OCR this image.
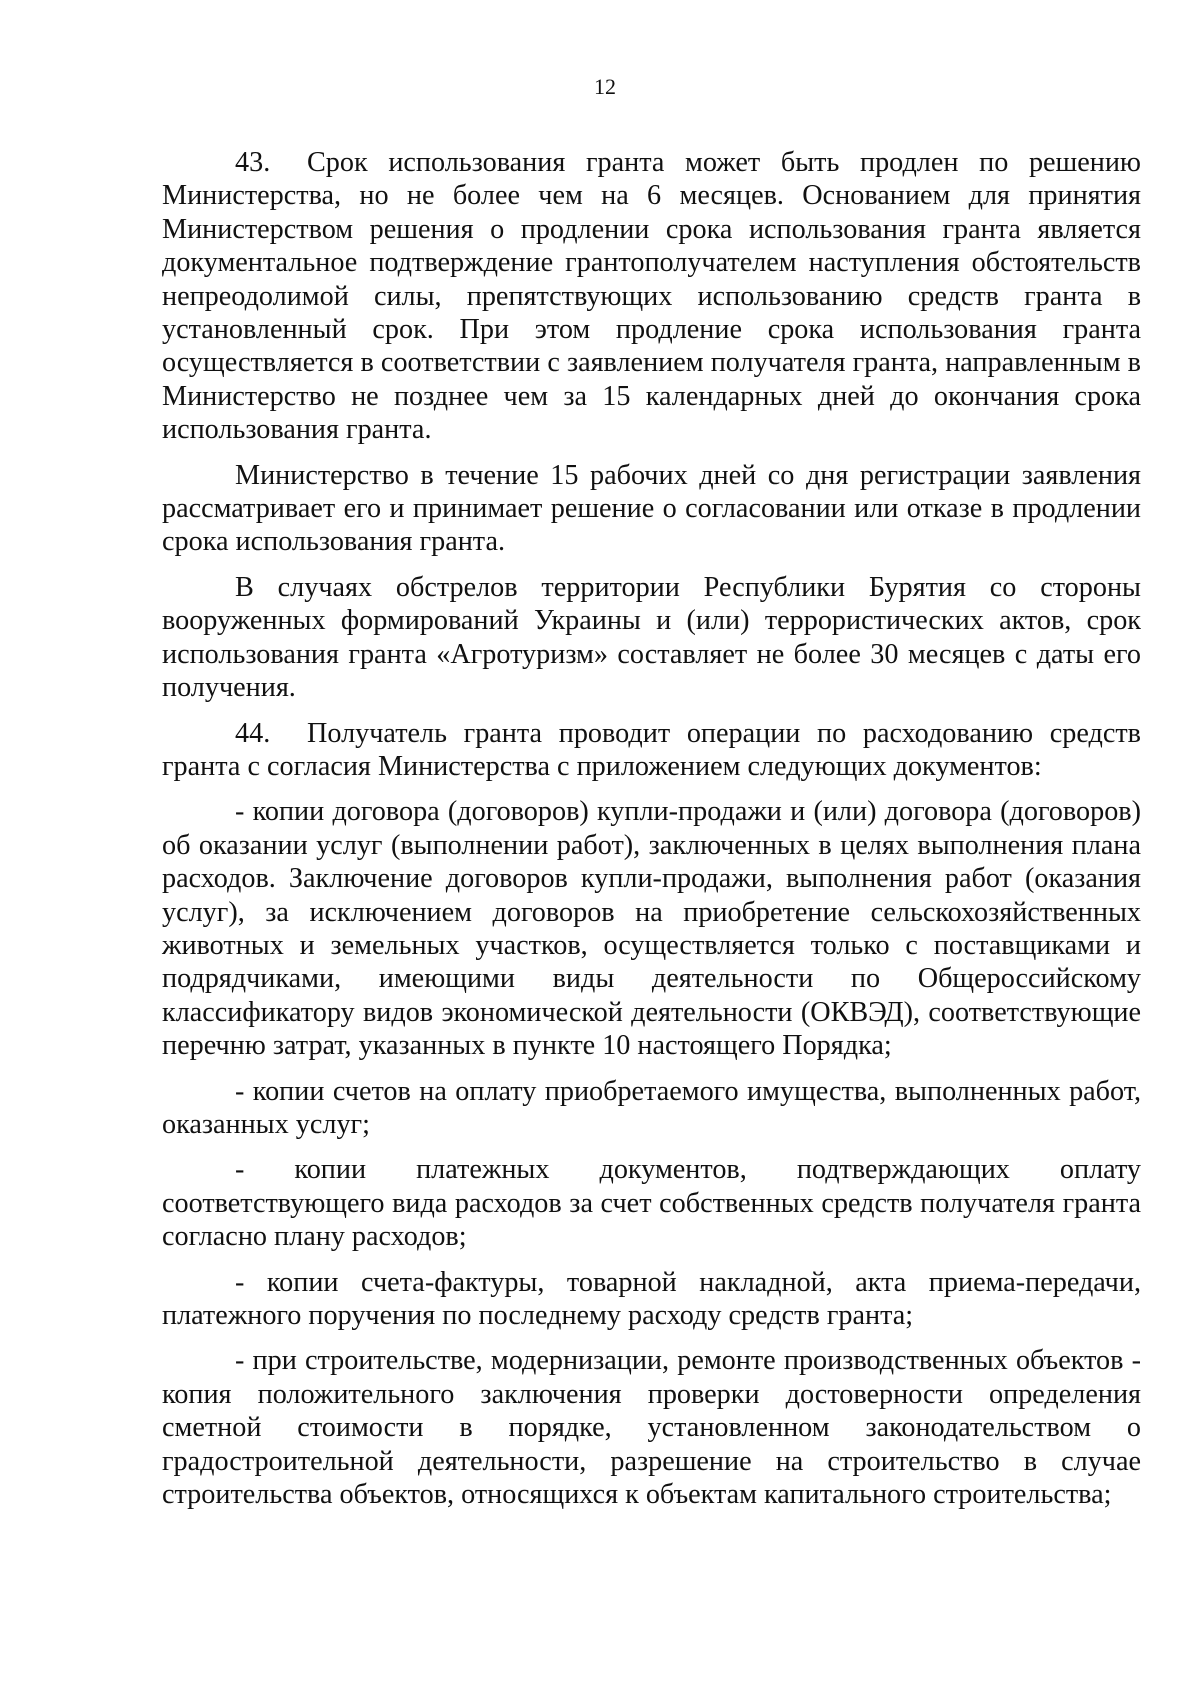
12

43. Срок использования гранта может быть продлен по решению Министерства, но не более чем на 6 месяцев. Основанием для принятия Министерством решения о продлении срока использования гранта является документальное подтверждение грантополучателем наступления обстоятельств непреодолимой силы, препятствующих использованию средств гранта в установленный срок. При этом продление срока использования гранта осуществляется в соответствии с заявлением получателя гранта, направленным в Министерство не позднее чем за 15 календарных дней до окончания срока использования гранта.

Министерство в течение 15 рабочих дней со дня регистрации заявления рассматривает его и принимает решение о согласовании или отказе в продлении срока использования гранта.

В случаях обстрелов территории Республики Бурятия со стороны вооруженных формирований Украины и (или) террористических актов, срок использования гранта «Агротуризм» составляет не более 30 месяцев с даты его получения.

44. Получатель гранта проводит операции по расходованию средств гранта с согласия Министерства с приложением следующих документов:

- копии договора (договоров) купли-продажи и (или) договора (договоров) об оказании услуг (выполнении работ), заключенных в целях выполнения плана расходов. Заключение договоров купли-продажи, выполнения работ (оказания услуг), за исключением договоров на приобретение сельскохозяйственных животных и земельных участков, осуществляется только с поставщиками и подрядчиками, имеющими виды деятельности по Общероссийскому классификатору видов экономической деятельности (ОКВЭД), соответствующие перечню затрат, указанных в пункте 10 настоящего Порядка;

- копии счетов на оплату приобретаемого имущества, выполненных работ, оказанных услуг;

- копии платежных документов, подтверждающих оплату соответствующего вида расходов за счет собственных средств получателя гранта согласно плану расходов;

- копии счета-фактуры, товарной накладной, акта приема-передачи, платежного поручения по последнему расходу средств гранта;

- при строительстве, модернизации, ремонте производственных объектов - копия положительного заключения проверки достоверности определения сметной стоимости в порядке, установленном законодательством о градостроительной деятельности, разрешение на строительство в случае строительства объектов, относящихся к объектам капитального строительства;
